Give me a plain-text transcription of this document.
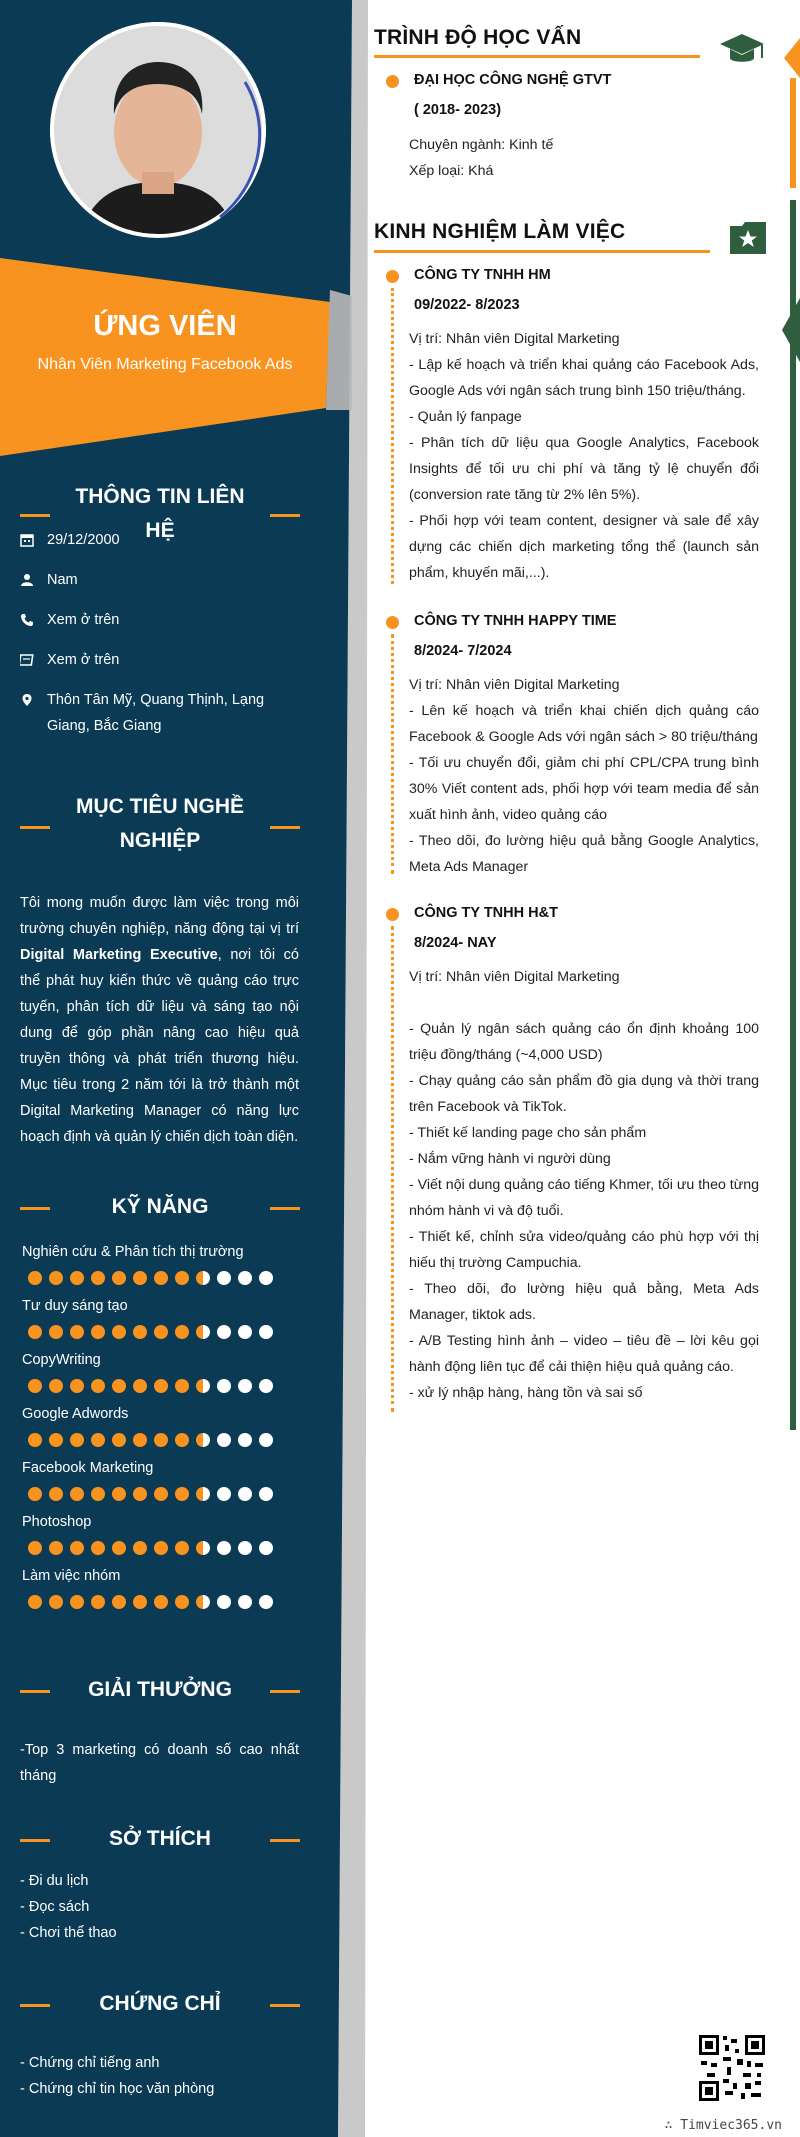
ỨNG VIÊN
Nhân Viên Marketing Facebook Ads
THÔNG TIN LIÊN HỆ
29/12/2000
Nam
Xem ở trên
Xem ở trên
Thôn Tân Mỹ, Quang Thịnh, Lạng Giang, Bắc Giang
MỤC TIÊU NGHỀ NGHIỆP
Tôi mong muốn được làm việc trong môi trường chuyên nghiệp, năng động tại vị trí Digital Marketing Executive, nơi tôi có thể phát huy kiến thức về quảng cáo trực tuyến, phân tích dữ liệu và sáng tạo nội dung để góp phần nâng cao hiệu quả truyền thông và phát triển thương hiệu. Mục tiêu trong 2 năm tới là trở thành một Digital Marketing Manager có năng lực hoạch định và quản lý chiến dịch toàn diện.
KỸ NĂNG
Nghiên cứu & Phân tích thị trường
Tư duy sáng tạo
CopyWriting
Google Adwords
Facebook Marketing
Photoshop
Làm việc nhóm
GIẢI THƯỞNG
-Top 3 marketing có doanh số cao nhất tháng
SỞ THÍCH
- Đi du lịch
- Đọc sách
- Chơi thể thao
CHỨNG CHỈ
- Chứng chỉ tiếng anh
- Chứng chỉ tin học văn phòng
TRÌNH ĐỘ HỌC VẤN
ĐẠI HỌC CÔNG NGHỆ GTVT
( 2018- 2023)
Chuyên ngành: Kinh tế
Xếp loại: Khá
KINH NGHIỆM LÀM VIỆC
CÔNG TY TNHH HM
09/2022- 8/2023

Vị trí: Nhân viên Digital Marketing

- Lập kế hoạch và triển khai quảng cáo Facebook Ads, Google Ads với ngân sách trung bình 150 triệu/tháng.

- Quản lý fanpage

- Phân tích dữ liệu qua Google Analytics, Facebook Insights để tối ưu chi phí và tăng tỷ lệ chuyển đổi (conversion rate tăng từ 2% lên 5%).

- Phối hợp với team content, designer và sale để xây dựng các chiến dịch marketing tổng thể (launch sản phẩm, khuyến mãi,...).

CÔNG TY TNHH HAPPY TIME
8/2024- 7/2024

Vị trí: Nhân viên Digital Marketing

- Lên kế hoạch và triển khai chiến dịch quảng cáo Facebook & Google Ads với ngân sách > 80 triệu/tháng

- Tối ưu chuyển đổi, giảm chi phí CPL/CPA trung bình 30% Viết content ads, phối hợp với team media để sản xuất hình ảnh, video quảng cáo

- Theo dõi, đo lường hiệu quả bằng Google Analytics, Meta Ads Manager

CÔNG TY TNHH H&T
8/2024- NAY

Vị trí: Nhân viên Digital Marketing

- Quản lý ngân sách quảng cáo ổn định khoảng 100 triệu đồng/tháng (~4,000 USD)

- Chạy quảng cáo sản phẩm đồ gia dụng và thời trang trên Facebook và TikTok.

- Thiết kế landing page cho sản phẩm

- Nắm vững hành vi người dùng

- Viết nội dung quảng cáo tiếng Khmer, tối ưu theo từng nhóm hành vi và độ tuổi.

- Thiết kế, chỉnh sửa video/quảng cáo phù hợp với thị hiếu thị trường Campuchia.

- Theo dõi, đo lường hiệu quả bằng, Meta Ads Manager, tiktok ads.

- A/B Testing hình ảnh – video – tiêu đề – lời kêu gọi hành động liên tục để cải thiện hiệu quả quảng cáo.

- xử lý nhập hàng, hàng tồn và sai số

∴ Timviec365.vn
